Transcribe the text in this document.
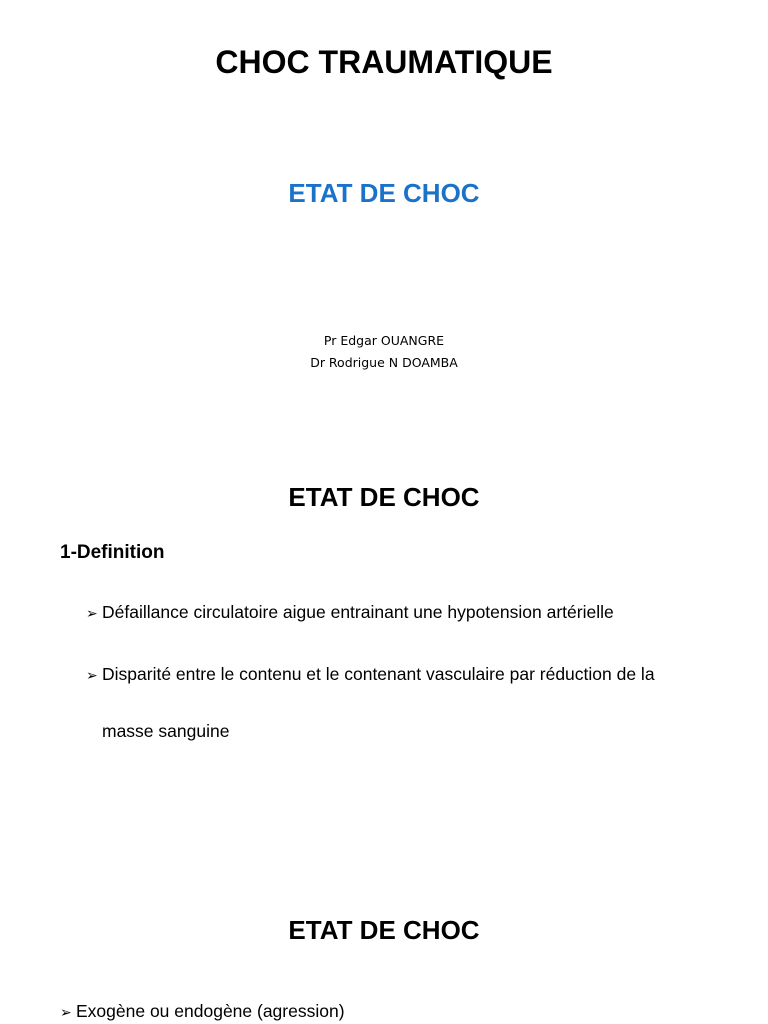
CHOC TRAUMATIQUE
ETAT DE CHOC
Pr Edgar OUANGRE
Dr Rodrigue N DOAMBA
ETAT DE CHOC
1-Definition
➢ Défaillance circulatoire aigue entrainant une hypotension artérielle
➢ Disparité entre le contenu et le contenant vasculaire par réduction de la
masse sanguine
ETAT DE CHOC
➢ Exogène ou endogène (agression)
